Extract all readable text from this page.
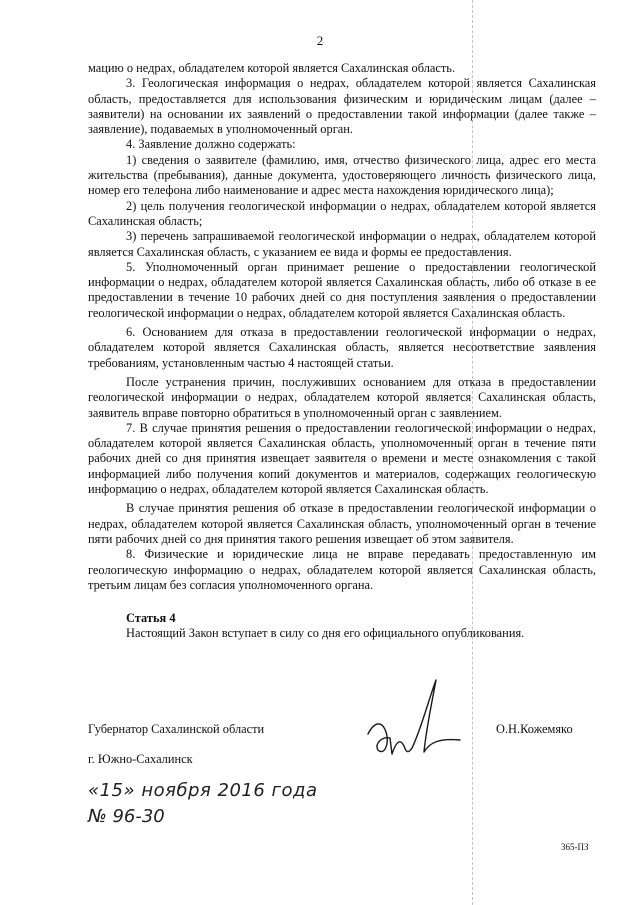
2

мацию о недрах, обладателем которой является Сахалинская область.

3. Геологическая информация о недрах, обладателем которой является Сахалинская область, предоставляется для использования физическим и юридическим лицам (далее – заявители) на основании их заявлений о предоставлении такой информации (далее также – заявление), подаваемых в уполномоченный орган.

4. Заявление должно содержать:

1) сведения о заявителе (фамилию, имя, отчество физического лица, адрес его места жительства (пребывания), данные документа, удостоверяющего личность физического лица, номер его телефона либо наименование и адрес места нахождения юридического лица);

2) цель получения геологической информации о недрах, обладателем которой является Сахалинская область;

3) перечень запрашиваемой геологической информации о недрах, обладателем которой является Сахалинская область, с указанием ее вида и формы ее предоставления.

5. Уполномоченный орган принимает решение о предоставлении геологической информации о недрах, обладателем которой является Сахалинская область, либо об отказе в ее предоставлении в течение 10 рабочих дней со дня поступления заявления о предоставлении геологической информации о недрах, обладателем которой является Сахалинская область.

6. Основанием для отказа в предоставлении геологической информации о недрах, обладателем которой является Сахалинская область, является несоответствие заявления требованиям, установленным частью 4 настоящей статьи.

После устранения причин, послуживших основанием для отказа в предоставлении геологической информации о недрах, обладателем которой является Сахалинская область, заявитель вправе повторно обратиться в уполномоченный орган с заявлением.

7. В случае принятия решения о предоставлении геологической информации о недрах, обладателем которой является Сахалинская область, уполномоченный орган в течение пяти рабочих дней со дня принятия извещает заявителя о времени и месте ознакомления с такой информацией либо получения копий документов и материалов, содержащих геологическую информацию о недрах, обладателем которой является Сахалинская область.

В случае принятия решения об отказе в предоставлении геологической информации о недрах, обладателем которой является Сахалинская область, уполномоченный орган в течение пяти рабочих дней со дня принятия такого решения извещает об этом заявителя.

8. Физические и юридические лица не вправе передавать предоставленную им геологическую информацию о недрах, обладателем которой является Сахалинская область, третьим лицам без согласия уполномоченного органа.

Статья 4

Настоящий Закон вступает в силу со дня его официального опубликования.

Губернатор Сахалинской области	О.Н.Кожемяко
г. Южно-Сахалинск
«15» ноября 2016 года
№ 96-30
365-ПЗ
